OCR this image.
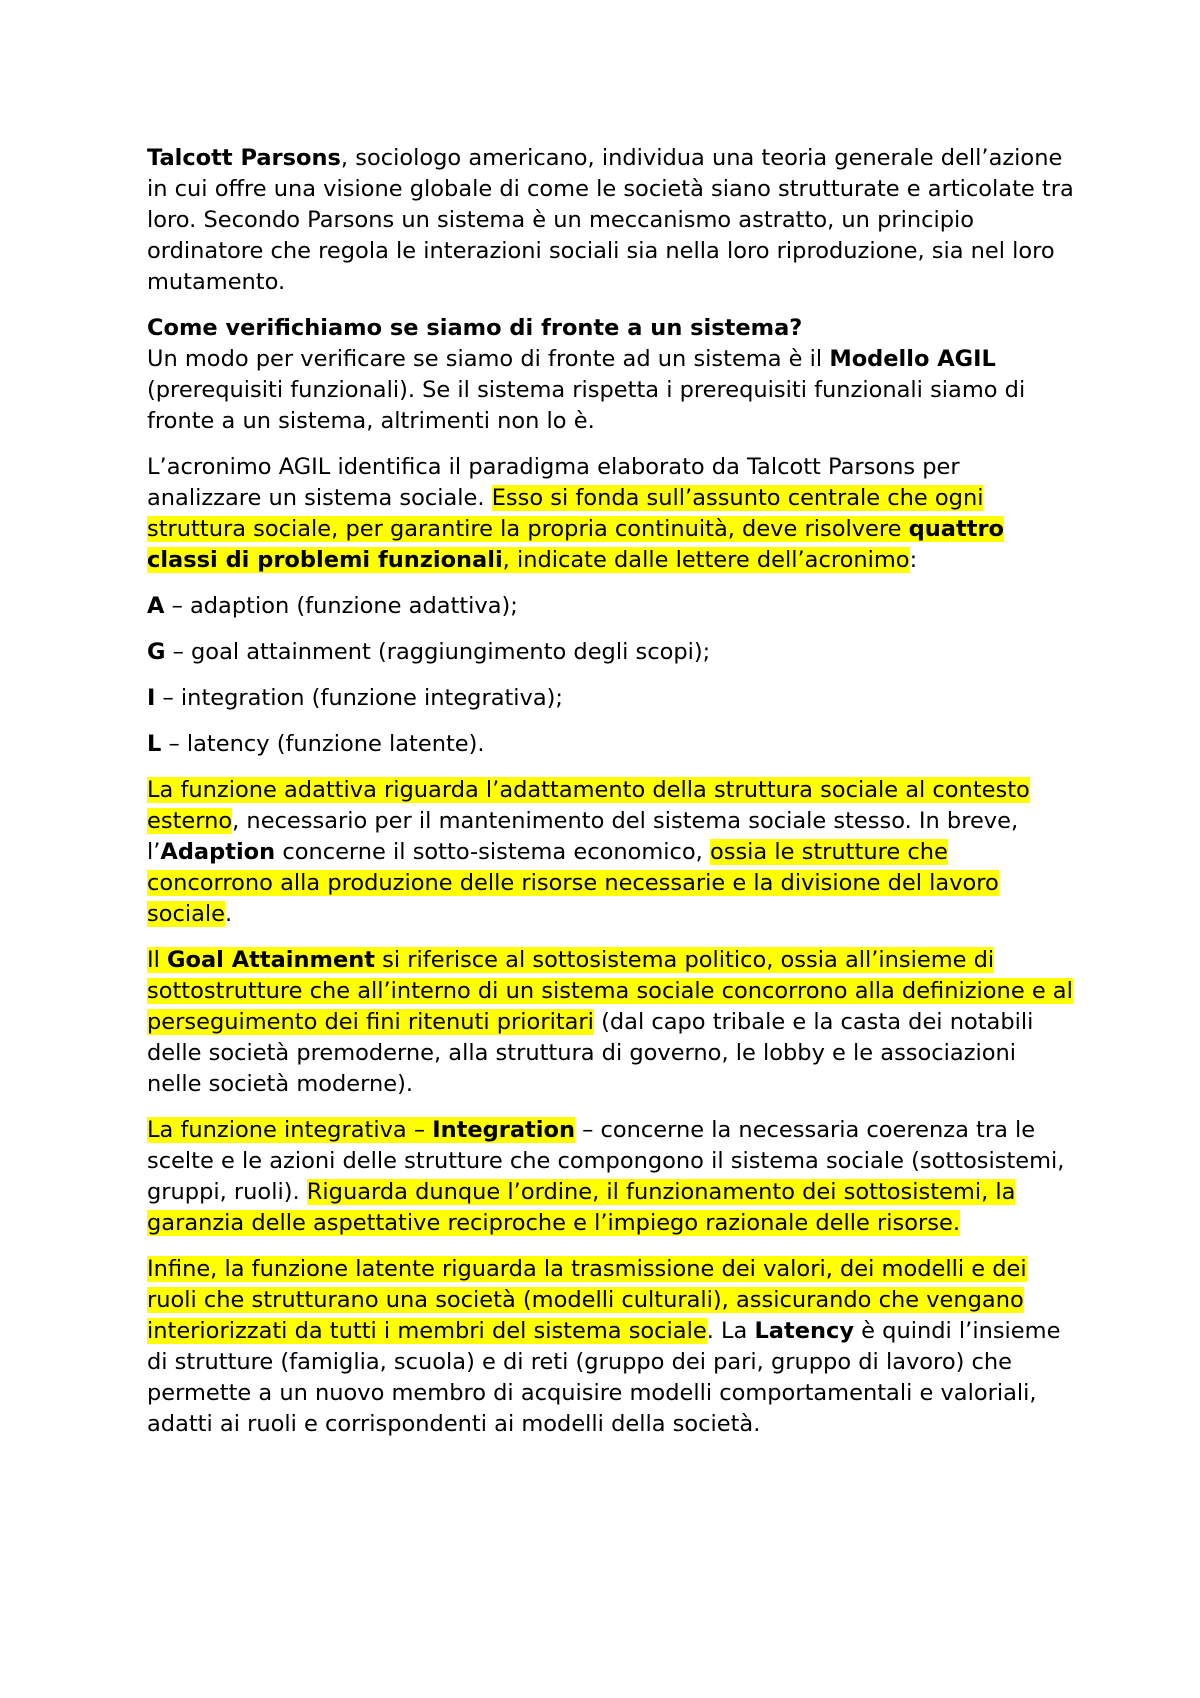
Talcott Parsons, sociologo americano, individua una teoria generale dell’azione in cui offre una visione globale di come le società siano strutturate e articolate tra loro. Secondo Parsons un sistema è un meccanismo astratto, un principio ordinatore che regola le interazioni sociali sia nella loro riproduzione, sia nel loro mutamento.

Come verifichiamo se siamo di fronte a un sistema?
Un modo per verificare se siamo di fronte ad un sistema è il Modello AGIL (prerequisiti funzionali). Se il sistema rispetta i prerequisiti funzionali siamo di fronte a un sistema, altrimenti non lo è.

L’acronimo AGIL identifica il paradigma elaborato da Talcott Parsons per analizzare un sistema sociale. Esso si fonda sull’assunto centrale che ogni struttura sociale, per garantire la propria continuità, deve risolvere quattro classi di problemi funzionali, indicate dalle lettere dell’acronimo:

A – adaption (funzione adattiva);

G – goal attainment (raggiungimento degli scopi);

I – integration (funzione integrativa);

L – latency (funzione latente).

La funzione adattiva riguarda l’adattamento della struttura sociale al contesto esterno, necessario per il mantenimento del sistema sociale stesso. In breve, l’Adaption concerne il sotto-sistema economico, ossia le strutture che concorrono alla produzione delle risorse necessarie e la divisione del lavoro sociale.

Il Goal Attainment si riferisce al sottosistema politico, ossia all’insieme di sottostrutture che all’interno di un sistema sociale concorrono alla definizione e al perseguimento dei fini ritenuti prioritari (dal capo tribale e la casta dei notabili delle società premoderne, alla struttura di governo, le lobby e le associazioni nelle società moderne).

La funzione integrativa – Integration – concerne la necessaria coerenza tra le scelte e le azioni delle strutture che compongono il sistema sociale (sottosistemi, gruppi, ruoli). Riguarda dunque l’ordine, il funzionamento dei sottosistemi, la garanzia delle aspettative reciproche e l’impiego razionale delle risorse.

Infine, la funzione latente riguarda la trasmissione dei valori, dei modelli e dei ruoli che strutturano una società (modelli culturali), assicurando che vengano interiorizzati da tutti i membri del sistema sociale. La Latency è quindi l’insieme di strutture (famiglia, scuola) e di reti (gruppo dei pari, gruppo di lavoro) che permette a un nuovo membro di acquisire modelli comportamentali e valoriali, adatti ai ruoli e corrispondenti ai modelli della società.
